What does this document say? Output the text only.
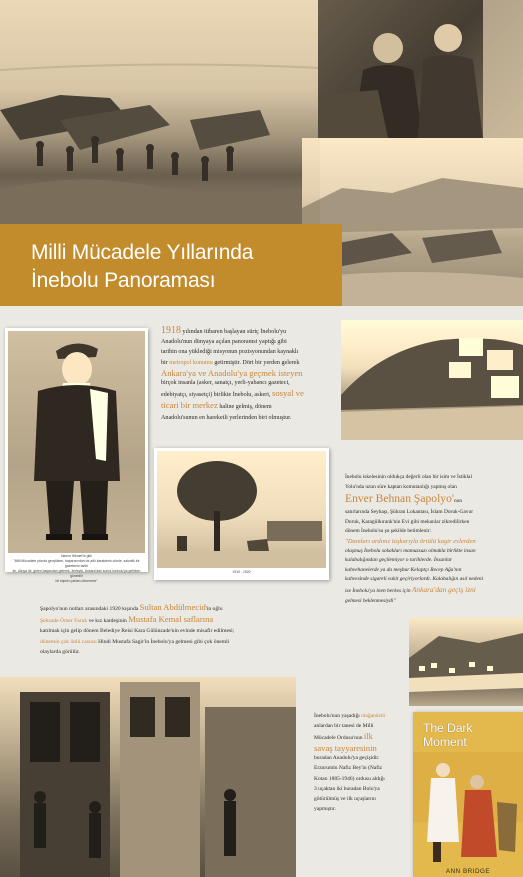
Milli Mücadele Yıllarında
İnebolu Panoraması
Nazım Hikmet'in gibi
"Milli Mücadele yılında gençlikten, başarısından bir adlı karakterin cümle, salonlik bir gazetenin tarihi
ile, dünya ile, gelen başarıdan gelerek, ilerleyip, Ankara'dan sonra İnebolu'ya gelirken günebilir
bir kişinin çaktan dönemine"
1918 yılından itibaren başlayan sürtç İnebolu'yu
Anadolu'nun dünyaya açılan panoramsi yaptığı gibi
tarihin ona yüklediği misyonun pozisyonundan kaynaklı
bir metropol konumu getirmiştir. Dört bir yerden gelerek
Ankara'ya ve Anadolu'ya geçmek isteyen
birçok insanla (asker, sanatçı, yerli-yabancı gazeteci,
edebiyatçı, siyasetçi) birlikte İnebolu, askeri, sosyal ve
ticari bir merkez haline gelmiş, dönem
Anadolu'sunun en hareketli yerlerinden biri olmuştur.
1910 - 1920
İnebolu iskelesinin oldukça değerli olan bir isim ve İstiklal
Yolu'nda uzun süre kaptan komutanlığı yapmış olan
Enver Behnan Şapolyo'nun
satırlarında Seyhaşı, Şükran Lokantası, İslam Doruk-Gavur
Doruk, Karagülkırank'nin Evi gibi mekanlar zikredilirken
dönem İnebolu'su şu şekilde betimlenir:
"Damları ardınız taşkarıyla örtülü kagir evlerden
oluşmuş İnebolu sokakları mamuzsuzı olmakla birlikte insan
kalabalığından geçilemiyor o tarihlerde. İnsanlar
kahvehanelerde ya da meşhur Kelaptçı Recep Ağa'nın
kahvesinde sigareli vakit geçiriyorlardı. Kalabalığın asıl nedeni
ise İnebolu'ya inen herkes için Ankara'dan geçiş izni
gelmesi beklenmesiydi"
Şapolyo'nun notları arasındaki 1920 kışında Sultan Abdülmecid'in oğlu
Şehzade Ömer Faruk ve kız kardeşinin Mustafa Kemal saflarına
katılmak için gelip dönem Belediye Reisi Kara Gülünzade'nin evinde misafir edilmesi;
dönemin çok ünlü casusu Hindi Mustafa Sagir'in İnebolu'ya gelmesi gibi çok önemli
olaylarda görülür.
İnebolu'nun yaşadığı olağanüstü
anlardan bir tanesi de Milli
Mücadele Ordusu'nun ilk
savaş tayyaresinin
buradan Anadolu'ya geçişidir.
Erzurumlu Nafiz Bey'in (Nafiz
Kotan 1885-1946) ordusu aldığı
3 uçaktan iki buradan Bolu'ya
götürülmüş ve ilk uçuşlarını
yapmıştır.
The Dark
Moment
ANN BRIDGE
